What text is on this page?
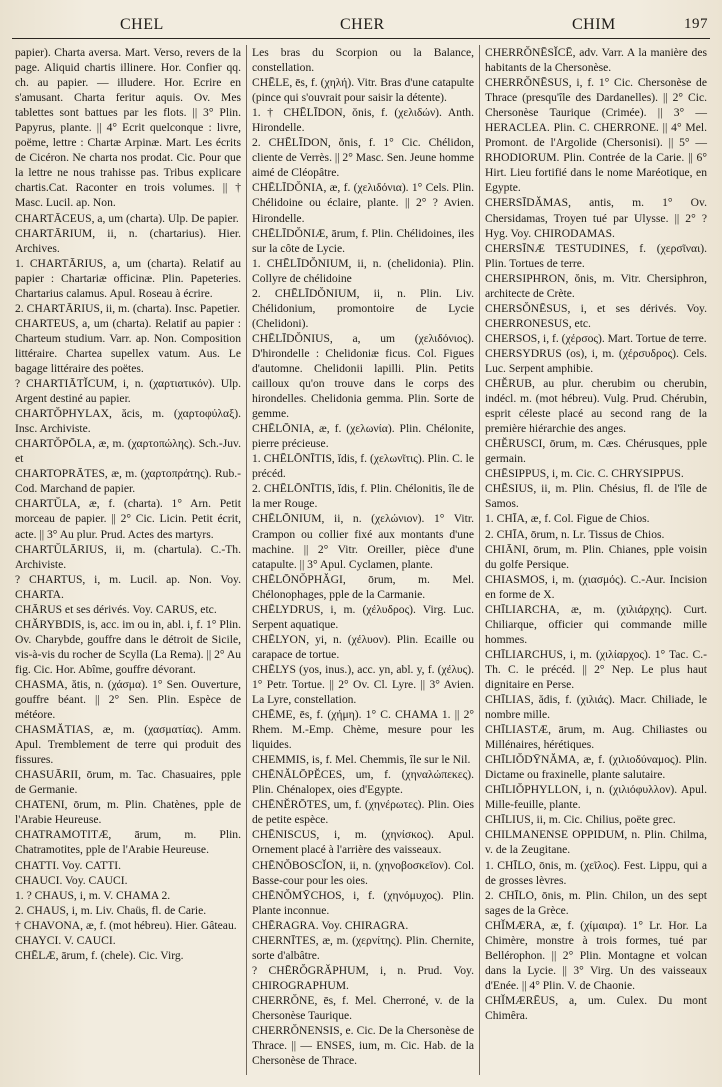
CHEL	CHER	CHIM	197

papier). Charta aversa. Mart. Verso, revers de la page. Aliquid chartis illinere. Hor. Confier qq. ch. au papier. — illudere. Hor. Ecrire en s'amusant. Charta feritur aquis. Ov. Mes tablettes sont battues par les flots. || 3° Plin. Papyrus, plante. || 4° Ecrit quelconque : livre, poëme, lettre : Chartæ Arpinæ. Mart. Les écrits de Cicéron. Ne charta nos prodat. Cic. Pour que la lettre ne nous trahisse pas. Tribus explicare chartis.Cat. Raconter en trois volumes. || † Masc. Lucil. ap. Non.

CHARTĀCEUS, a, um (charta). Ulp. De papier.

CHARTĀRIUM, ii, n. (chartarius). Hier. Archives.

1. CHARTĀRIUS, a, um (charta). Relatif au papier : Chartariæ officinæ. Plin. Papeteries. Chartarius calamus. Apul. Roseau à écrire.

2. CHARTĀRIUS, ii, m. (charta). Insc. Papetier.

CHARTEUS, a, um (charta). Relatif au papier : Charteum studium. Varr. ap. Non. Composition littéraire. Chartea supellex vatum. Aus. Le bagage littéraire des poëtes.

? CHARTIĀTĬCUM, i, n. (χαρτιατικόν). Ulp. Argent destiné au papier.

CHARTŎPHYLAX, ăcis, m. (χαρτοφύλαξ). Insc. Archiviste.

CHARTŎPŌLA, æ, m. (χαρτοπώλης). Sch.-Juv. et

CHARTOPRĀTES, æ, m. (χαρτοπράτης). Rub.-Cod. Marchand de papier.

CHARTŬLA, æ, f. (charta). 1° Arn. Petit morceau de papier. || 2° Cic. Licin. Petit écrit, acte. || 3° Au plur. Prud. Actes des martyrs.

CHARTŬLĀRIUS, ii, m. (chartula). C.-Th. Archiviste.

? CHARTUS, i, m. Lucil. ap. Non. Voy. CHARTA.

CHĀRUS et ses dérivés. Voy. CARUS, etc.

CHĂRYBDIS, is, acc. im ou in, abl. i, f. 1° Plin. Ov. Charybde, gouffre dans le détroit de Sicile, vis-à-vis du rocher de Scylla (La Rema). || 2° Au fig. Cic. Hor. Abîme, gouffre dévorant.

CHASMA, ătis, n. (χάσμα). 1° Sen. Ouverture, gouffre béant. || 2° Sen. Plin. Espèce de météore.

CHASMĂTIAS, æ, m. (χασματίας). Amm. Apul. Tremblement de terre qui produit des fissures.

CHASUĀRII, ōrum, m. Tac. Chasuaires, pple de Germanie.

CHATENI, ōrum, m. Plin. Chatènes, pple de l'Arabie Heureuse.

CHATRAMOTITÆ, ārum, m. Plin. Chatramotites, pple de l'Arabie Heureuse.

CHATTI. Voy. CATTI.

CHAUCI. Voy. CAUCI.

1. ? CHAUS, i, m. V. CHAMA 2.

2. CHAUS, i, m. Liv. Chaüs, fl. de Carie.

† CHAVONA, æ, f. (mot hébreu). Hier. Gâteau.

CHAYCI. V. CAUCI.

CHĒLÆ, ārum, f. (chele). Cic. Virg.

Les bras du Scorpion ou la Balance, constellation.

CHĒLE, ēs, f. (χηλή). Vitr. Bras d'une catapulte (pince qui s'ouvrait pour saisir la détente).

1. † CHĒLĪDON, ŏnis, f. (χελιδών). Anth. Hirondelle.

2. CHĒLĪDON, ŏnis, f. 1° Cic. Chélidon, cliente de Verrès. || 2° Masc. Sen. Jeune homme aimé de Cléopâtre.

CHĒLĪDŎNIA, æ, f. (χελιδόνια). 1° Cels. Plin. Chélidoine ou éclaire, plante. || 2° ? Avien. Hirondelle.

CHĒLĪDŎNIÆ, ārum, f. Plin. Chélidoines, iles sur la côte de Lycie.

1. CHĒLĪDŎNIUM, ii, n. (chelidonia). Plin. Collyre de chélidoine

2. CHĒLĪDŎNIUM, ii, n. Plin. Liv. Chélidonium, promontoire de Lycie (Chelidoni).

CHĒLĪDŎNIUS, a, um (χελιδόνιος). D'hirondelle : Chelidoniæ ficus. Col. Figues d'automne. Chelidonii lapilli. Plin. Petits cailloux qu'on trouve dans le corps des hirondelles. Chelidonia gemma. Plin. Sorte de gemme.

CHĒLŌNIA, æ, f. (χελωνία). Plin. Chélonite, pierre précieuse.

1. CHĒLŌNĪTIS, ĭdis, f. (χελωνῖτις). Plin. C. le précéd.

2. CHĒLŌNĪTIS, ĭdis, f. Plin. Chélonitis, île de la mer Rouge.

CHĒLŌNIUM, ii, n. (χελώνιον). 1° Vitr. Crampon ou collier fixé aux montants d'une machine. || 2° Vitr. Oreiller, pièce d'une catapulte. || 3° Apul. Cyclamen, plante.

CHĒLŌNŎPHĂGI, ōrum, m. Mel. Chélonophages, pple de la Carmanie.

CHĒLYDRUS, i, m. (χέλυδρος). Virg. Luc. Serpent aquatique.

CHĒLYON, yi, n. (χέλυον). Plin. Ecaille ou carapace de tortue.

CHĒLYS (yos, inus.), acc. yn, abl. y, f. (χέλυς). 1° Petr. Tortue. || 2° Ov. Cl. Lyre. || 3° Avien. La Lyre, constellation.

CHĒME, ēs, f. (χήμη). 1° C. CHAMA 1. || 2° Rhem. M.-Emp. Chème, mesure pour les liquides.

CHEMMIS, is, f. Mel. Chemmis, île sur le Nil.

CHĒNĂLŌPĔCES, um, f. (χηναλώπεκες). Plin. Chénalopex, oies d'Egypte.

CHĒNĔRŌTES, um, f. (χηνέρωτες). Plin. Oies de petite espèce.

CHĒNISCUS, i, m. (χηνίσκος). Apul. Ornement placé à l'arrière des vaisseaux.

CHĒNŎBOSCĬON, ii, n. (χηνοβοσκεῖον). Col. Basse-cour pour les oies.

CHĒNŎMȲCHOS, i, f. (χηνόμυχος). Plin. Plante inconnue.

CHĒRAGRA. Voy. CHIRAGRA.

CHERNĪTES, æ, m. (χερνίτης). Plin. Chernite, sorte d'albâtre.

? CHĒRŎGRĂPHUM, i, n. Prud. Voy. CHIROGRAPHUM.

CHERRŎNE, ēs, f. Mel. Cherroné, v. de la Chersonèse Taurique.

CHERRŎNENSIS, e. Cic. De la Chersonèse de Thrace. || — ENSES, ium, m. Cic. Hab. de la Chersonèse de Thrace.

CHERRŎNĒSĬCĒ, adv. Varr. A la manière des habitants de la Chersonèse.

CHERRŎNĒSUS, i, f. 1° Cic. Chersonèse de Thrace (presqu'île des Dardanelles). || 2° Cic. Chersonèse Taurique (Crimée). || 3° — HERACLEA. Plin. C. CHERRONE. || 4° Mel. Promont. de l'Argolide (Chersonisi). || 5° — RHODIORUM. Plin. Contrée de la Carie. || 6° Hirt. Lieu fortifié dans le nome Maréotique, en Egypte.

CHERSĪDĂMAS, antis, m. 1° Ov. Chersidamas, Troyen tué par Ulysse. || 2° ? Hyg. Voy. CHIRODAMAS.

CHERSĪNÆ TESTUDINES, f. (χερσῖναι). Plin. Tortues de terre.

CHERSIPHRON, ŏnis, m. Vitr. Chersiphron, architecte de Crète.

CHERSŎNĒSUS, i, et ses dérivés. Voy. CHERRONESUS, etc.

CHERSOS, i, f. (χέρσος). Mart. Tortue de terre.

CHERSYDRUS (os), i, m. (χέρσυδρος). Cels. Luc. Serpent amphibie.

CHĔRUB, au plur. cherubim ou cherubin, indécl. m. (mot hébreu). Vulg. Prud. Chérubin, esprit céleste placé au second rang de la première hiérarchie des anges.

CHĔRUSCI, ōrum, m. Cæs. Chérusques, pple germain.

CHĒSIPPUS, i, m. Cic. C. CHRYSIPPUS.

CHĒSIUS, ii, m. Plin. Chésius, fl. de l'île de Samos.

1. CHĪA, æ, f. Col. Figue de Chios.

2. CHĪA, ōrum, n. Lr. Tissus de Chios.

CHIĀNI, ōrum, m. Plin. Chianes, pple voisin du golfe Persique.

CHIASMOS, i, m. (χιασμός). C.-Aur. Incision en forme de X.

CHĪLIARCHA, æ, m. (χιλιάρχης). Curt. Chiliarque, officier qui commande mille hommes.

CHĪLIARCHUS, i, m. (χιλίαρχος). 1° Tac. C.-Th. C. le précéd. || 2° Nep. Le plus haut dignitaire en Perse.

CHĪLIAS, ădis, f. (χιλιάς). Macr. Chiliade, le nombre mille.

CHĪLIASTÆ, ārum, m. Aug. Chiliastes ou Millénaires, hérétiques.

CHĪLIŎDȲNĂMA, æ, f. (χιλιοδύναμος). Plin. Dictame ou fraxinelle, plante salutaire.

CHĪLIŎPHYLLON, i, n. (χιλιόφυλλον). Apul. Mille-feuille, plante.

CHĪLIUS, ii, m. Cic. Chilius, poëte grec.

CHILMANENSE OPPIDUM, n. Plin. Chilma, v. de la Zeugitane.

1. CHĪLO, ōnis, m. (χεῖλος). Fest. Lippu, qui a de grosses lèvres.

2. CHĪLO, ōnis, m. Plin. Chilon, un des sept sages de la Grèce.

CHĬMÆRA, æ, f. (χίμαιρα). 1° Lr. Hor. La Chimère, monstre à trois formes, tué par Bellérophon. || 2° Plin. Montagne et volcan dans la Lycie. || 3° Virg. Un des vaisseaux d'Enée. || 4° Plin. V. de Chaonie.

CHĬMÆRĒUS, a, um. Culex. Du mont Chimêra.
